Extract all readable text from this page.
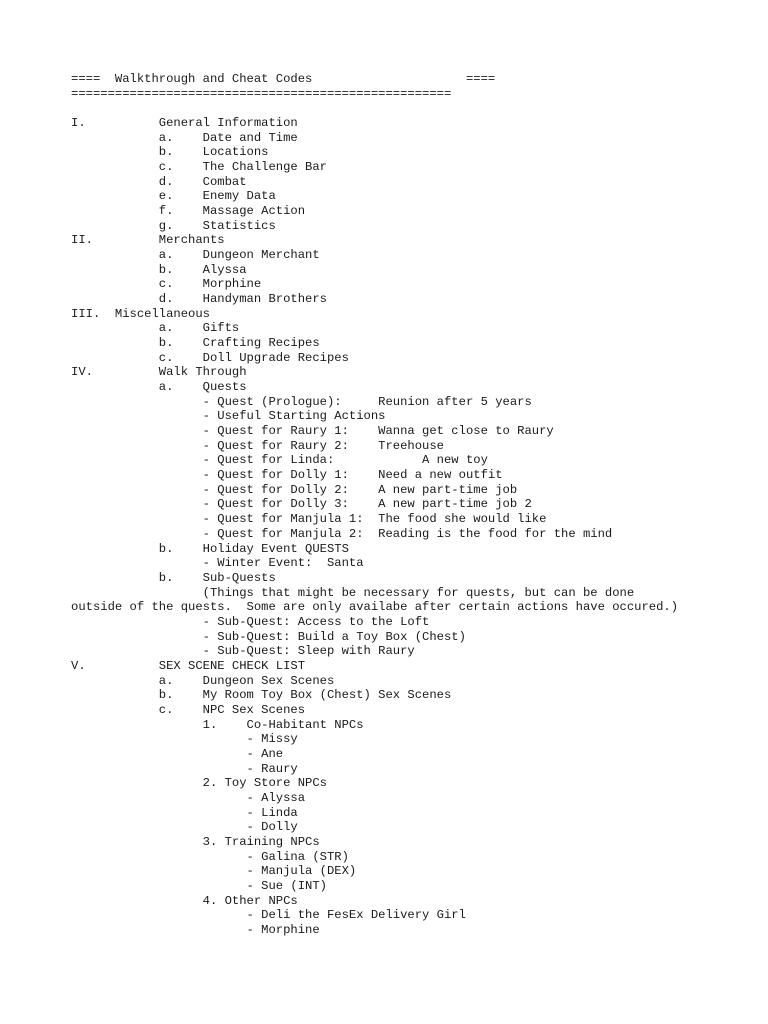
====  Walkthrough and Cheat Codes                     ====
====================================================
I.          General Information
a.    Date and Time
b.    Locations
c.    The Challenge Bar
d.    Combat
e.    Enemy Data
f.    Massage Action
g.    Statistics
II.         Merchants
a.    Dungeon Merchant
b.    Alyssa
c.    Morphine
d.    Handyman Brothers
III.  Miscellaneous
a.    Gifts
b.    Crafting Recipes
c.    Doll Upgrade Recipes
IV.         Walk Through
a.    Quests
- Quest (Prologue):     Reunion after 5 years
- Useful Starting Actions
- Quest for Raury 1:    Wanna get close to Raury
- Quest for Raury 2:    Treehouse
- Quest for Linda:            A new toy
- Quest for Dolly 1:    Need a new outfit
- Quest for Dolly 2:    A new part-time job
- Quest for Dolly 3:    A new part-time job 2
- Quest for Manjula 1:  The food she would like
- Quest for Manjula 2:  Reading is the food for the mind
b.    Holiday Event QUESTS
- Winter Event:  Santa
b.    Sub-Quests
(Things that might be necessary for quests, but can be done
outside of the quests.  Some are only availabe after certain actions have occured.)
- Sub-Quest: Access to the Loft
- Sub-Quest: Build a Toy Box (Chest)
- Sub-Quest: Sleep with Raury
V.          SEX SCENE CHECK LIST
a.    Dungeon Sex Scenes
b.    My Room Toy Box (Chest) Sex Scenes
c.    NPC Sex Scenes
1.    Co-Habitant NPCs
- Missy
- Ane
- Raury
2. Toy Store NPCs
- Alyssa
- Linda
- Dolly
3. Training NPCs
- Galina (STR)
- Manjula (DEX)
- Sue (INT)
4. Other NPCs
- Deli the FesEx Delivery Girl
- Morphine
